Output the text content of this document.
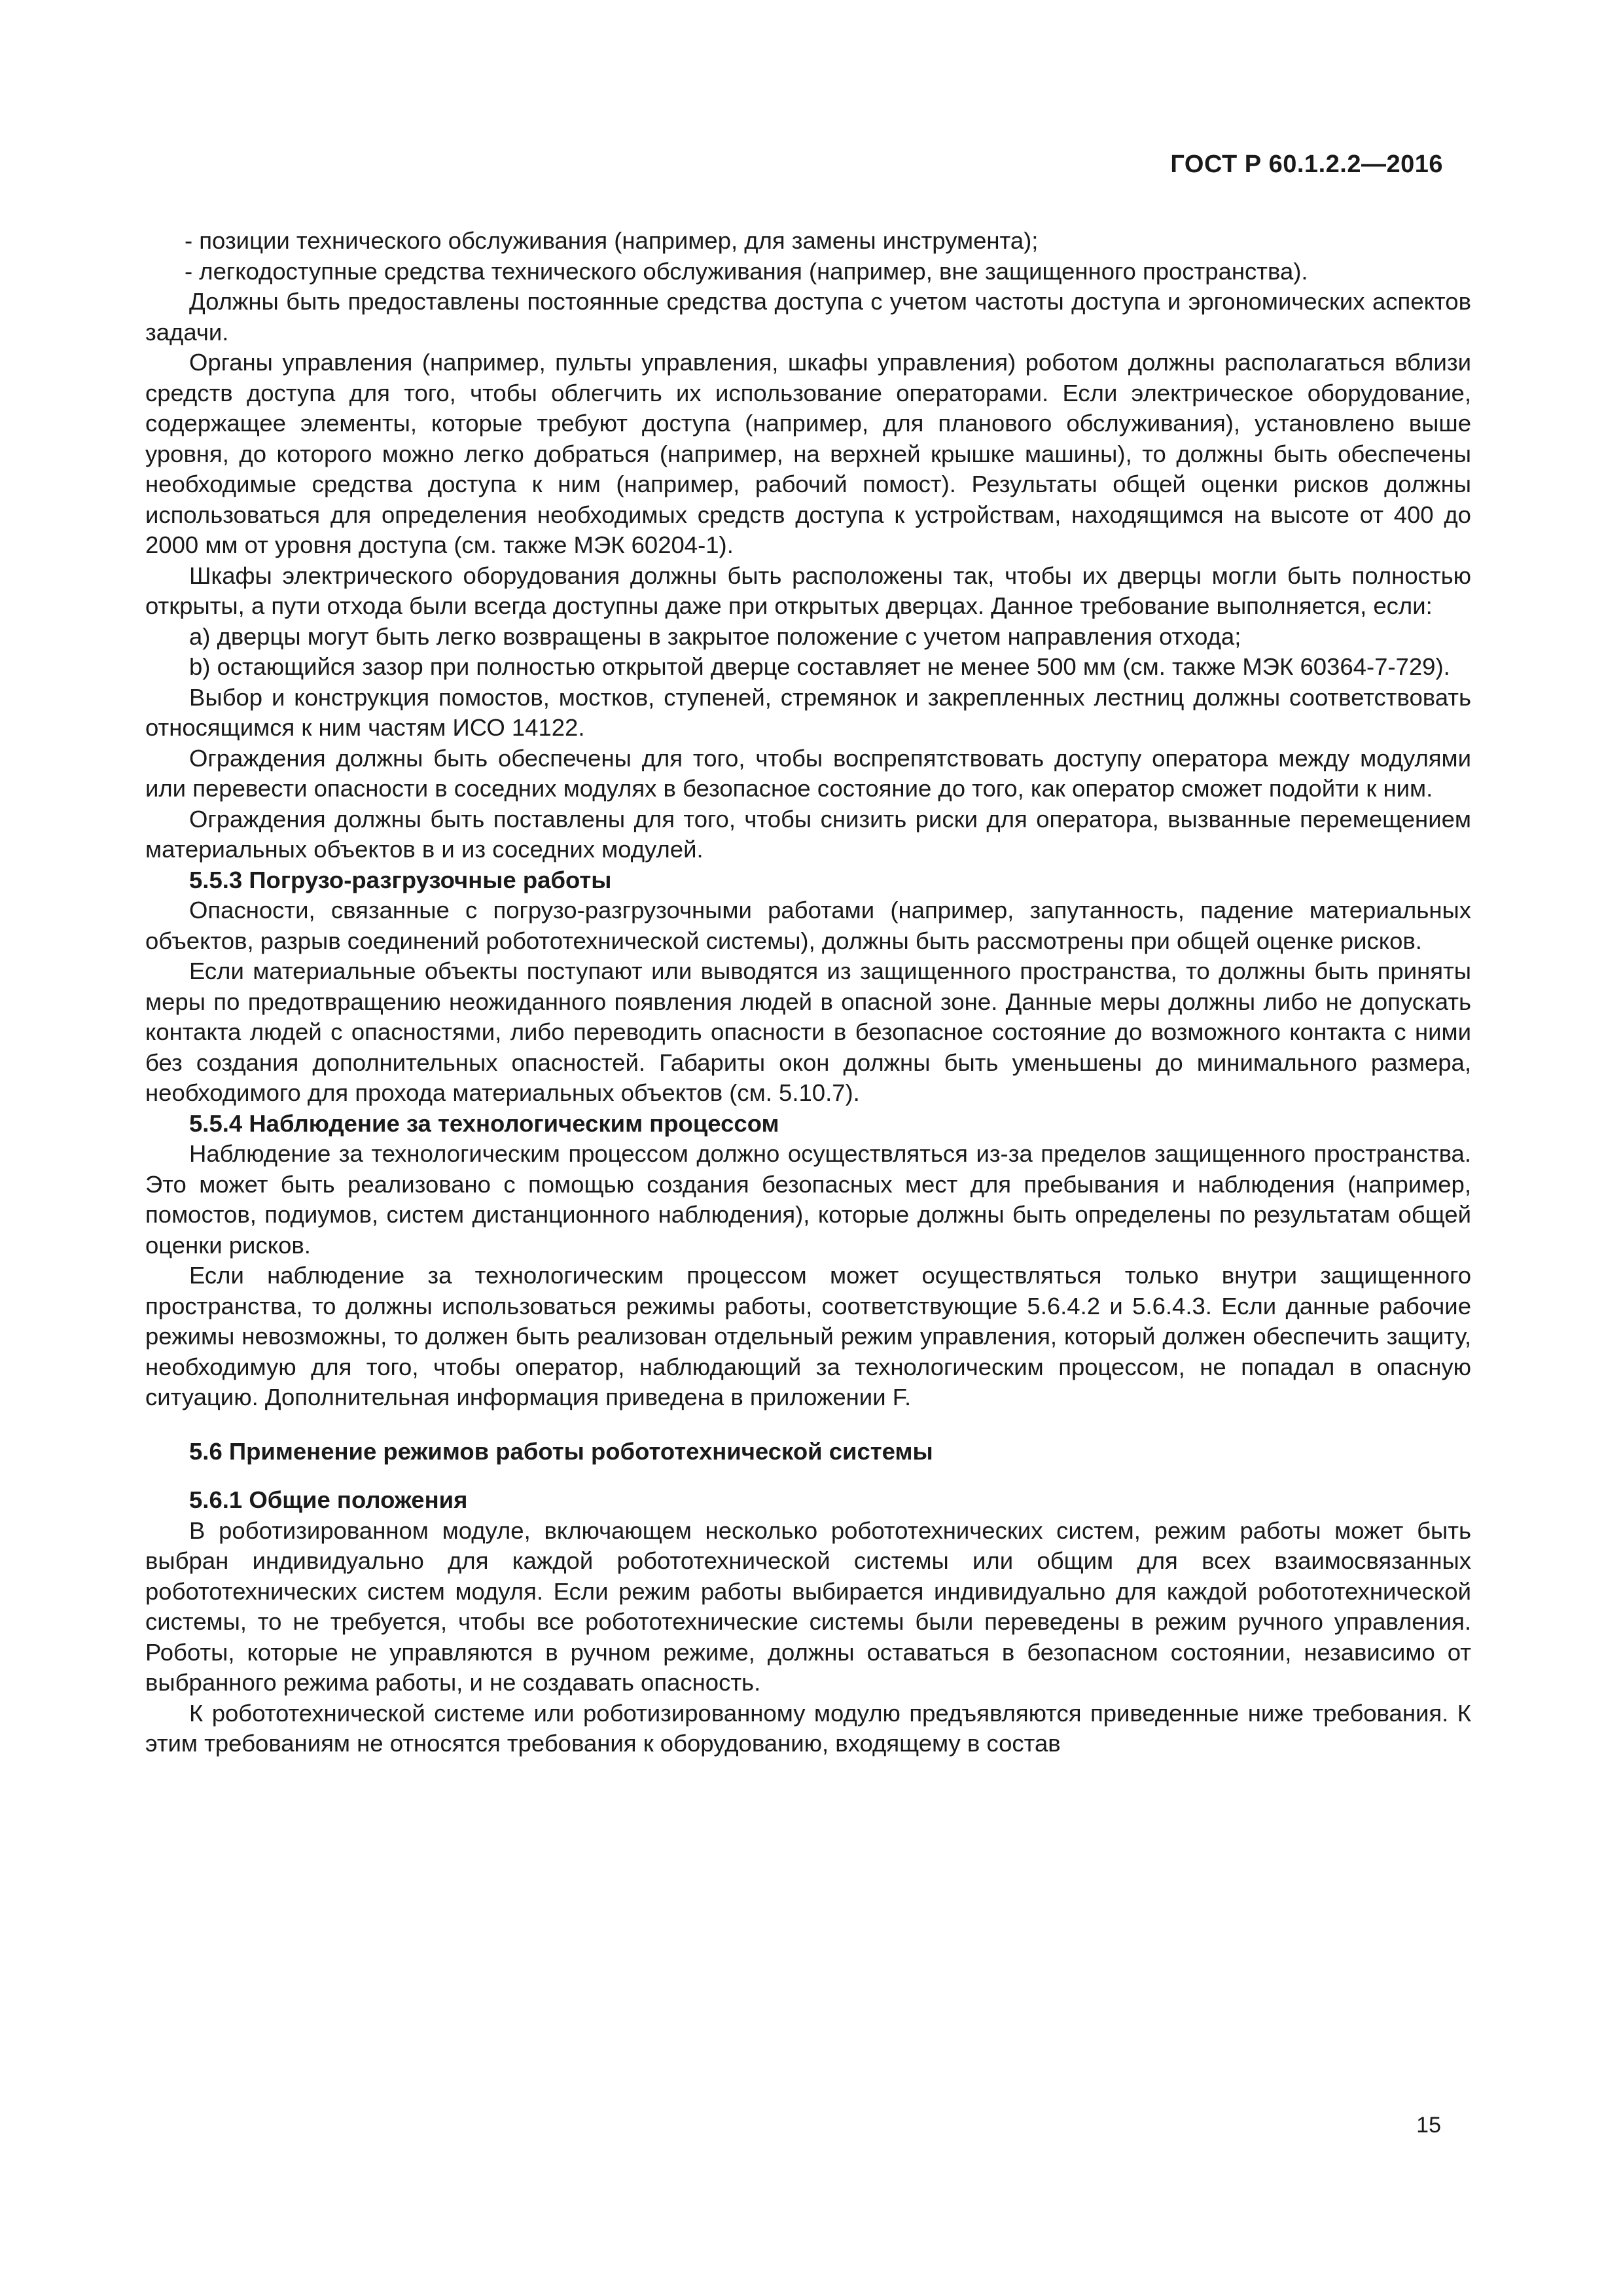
ГОСТ Р 60.1.2.2—2016

- позиции технического обслуживания (например, для замены инструмента);

- легкодоступные средства технического обслуживания (например, вне защищенного пространства).

Должны быть предоставлены постоянные средства доступа с учетом частоты доступа и эргономических аспектов задачи.

Органы управления (например, пульты управления, шкафы управления) роботом должны располагаться вблизи средств доступа для того, чтобы облегчить их использование операторами. Если электрическое оборудование, содержащее элементы, которые требуют доступа (например, для планового обслуживания), установлено выше уровня, до которого можно легко добраться (например, на верхней крышке машины), то должны быть обеспечены необходимые средства доступа к ним (например, рабочий помост). Результаты общей оценки рисков должны использоваться для определения необходимых средств доступа к устройствам, находящимся на высоте от 400 до 2000 мм от уровня доступа (см. также МЭК 60204-1).

Шкафы электрического оборудования должны быть расположены так, чтобы их дверцы могли быть полностью открыты, а пути отхода были всегда доступны даже при открытых дверцах. Данное требование выполняется, если:

a) дверцы могут быть легко возвращены в закрытое положение с учетом направления отхода;

b) остающийся зазор при полностью открытой дверце составляет не менее 500 мм (см. также МЭК 60364-7-729).

Выбор и конструкция помостов, мостков, ступеней, стремянок и закрепленных лестниц должны соответствовать относящимся к ним частям ИСО 14122.

Ограждения должны быть обеспечены для того, чтобы воспрепятствовать доступу оператора между модулями или перевести опасности в соседних модулях в безопасное состояние до того, как оператор сможет подойти к ним.

Ограждения должны быть поставлены для того, чтобы снизить риски для оператора, вызванные перемещением материальных объектов в и из соседних модулей.

5.5.3 Погрузо-разгрузочные работы

Опасности, связанные с погрузо-разгрузочными работами (например, запутанность, падение материальных объектов, разрыв соединений робототехнической системы), должны быть рассмотрены при общей оценке рисков.

Если материальные объекты поступают или выводятся из защищенного пространства, то должны быть приняты меры по предотвращению неожиданного появления людей в опасной зоне. Данные меры должны либо не допускать контакта людей с опасностями, либо переводить опасности в безопасное состояние до возможного контакта с ними без создания дополнительных опасностей. Габариты окон должны быть уменьшены до минимального размера, необходимого для прохода материальных объектов (см. 5.10.7).

5.5.4 Наблюдение за технологическим процессом

Наблюдение за технологическим процессом должно осуществляться из-за пределов защищенного пространства. Это может быть реализовано с помощью создания безопасных мест для пребывания и наблюдения (например, помостов, подиумов, систем дистанционного наблюдения), которые должны быть определены по результатам общей оценки рисков.

Если наблюдение за технологическим процессом может осуществляться только внутри защищенного пространства, то должны использоваться режимы работы, соответствующие 5.6.4.2 и 5.6.4.3. Если данные рабочие режимы невозможны, то должен быть реализован отдельный режим управления, который должен обеспечить защиту, необходимую для того, чтобы оператор, наблюдающий за технологическим процессом, не попадал в опасную ситуацию. Дополнительная информация приведена в приложении F.

5.6 Применение режимов работы робототехнической системы
5.6.1 Общие положения

В роботизированном модуле, включающем несколько робототехнических систем, режим работы может быть выбран индивидуально для каждой робототехнической системы или общим для всех взаимосвязанных робототехнических систем модуля. Если режим работы выбирается индивидуально для каждой робототехнической системы, то не требуется, чтобы все робототехнические системы были переведены в режим ручного управления. Роботы, которые не управляются в ручном режиме, должны оставаться в безопасном состоянии, независимо от выбранного режима работы, и не создавать опасность.

К робототехнической системе или роботизированному модулю предъявляются приведенные ниже требования. К этим требованиям не относятся требования к оборудованию, входящему в состав

15
